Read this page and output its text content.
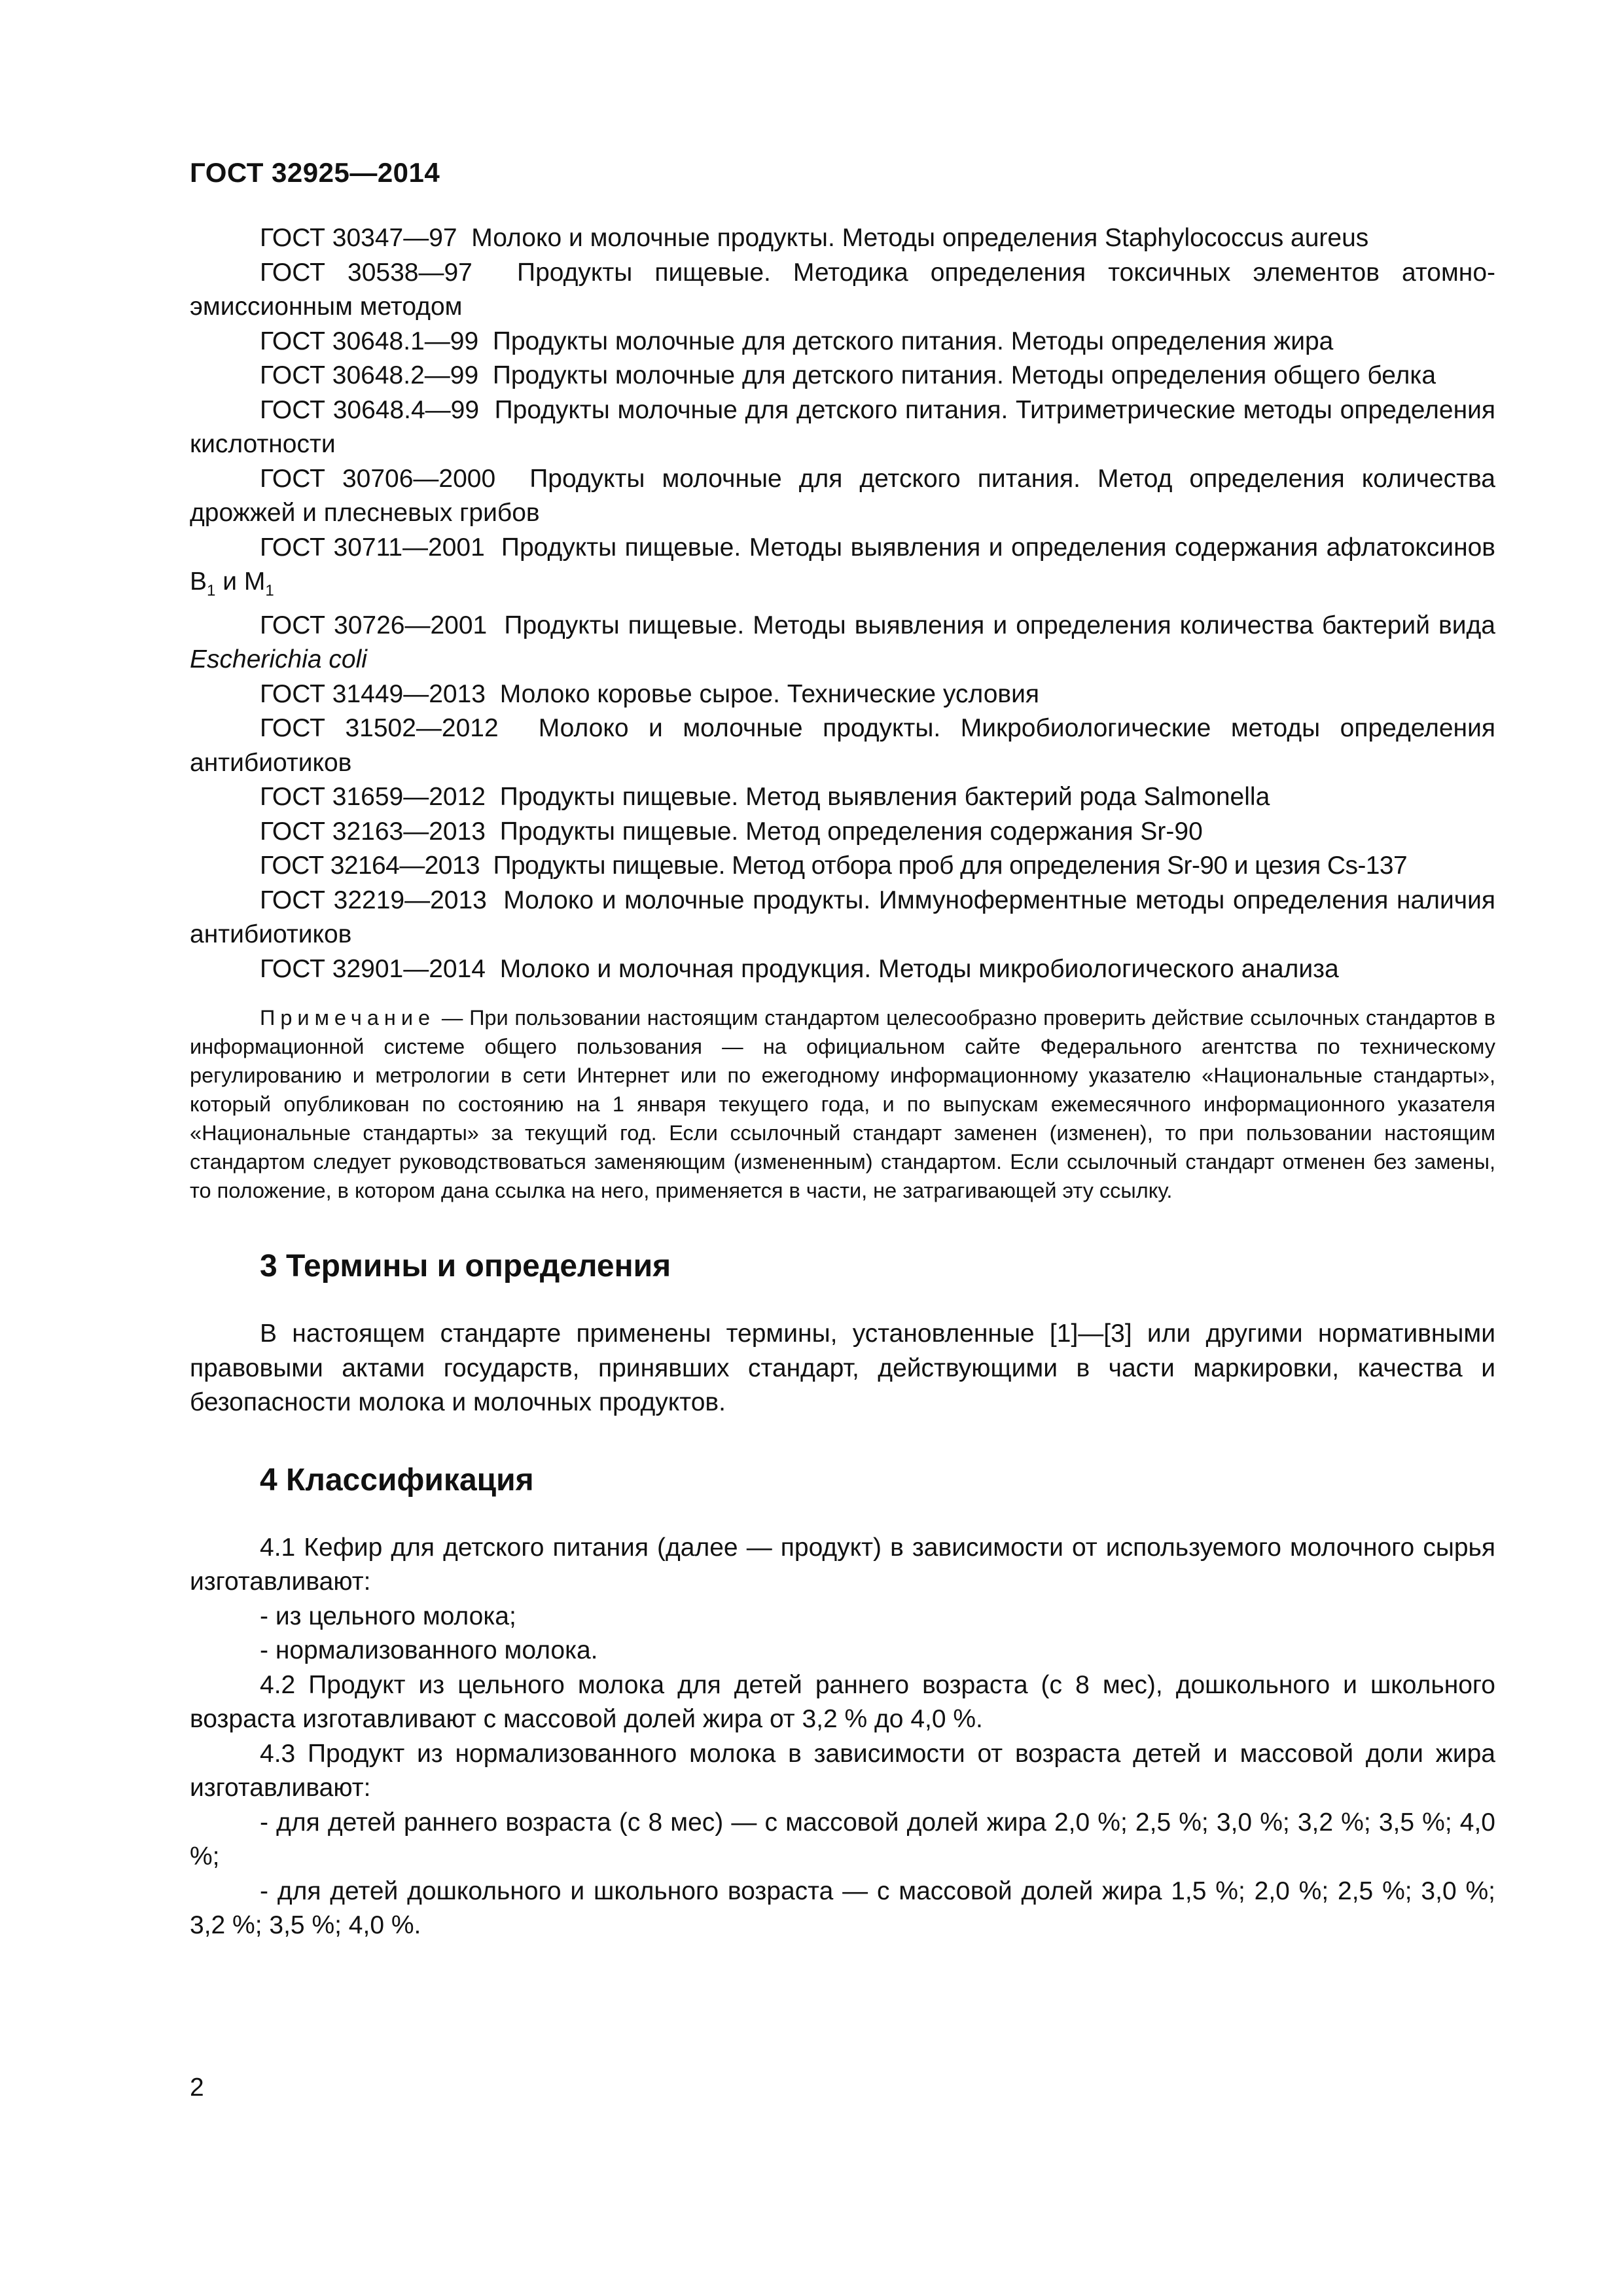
ГОСТ 32925—2014

ГОСТ 30347—97 Молоко и молочные продукты. Методы определения Staphylococcus aureus

ГОСТ 30538—97 Продукты пищевые. Методика определения токсичных элементов атомно-эмиссионным методом

ГОСТ 30648.1—99 Продукты молочные для детского питания. Методы определения жира

ГОСТ 30648.2—99 Продукты молочные для детского питания. Методы определения общего белка

ГОСТ 30648.4—99 Продукты молочные для детского питания. Титриметрические методы определения кислотности

ГОСТ 30706—2000 Продукты молочные для детского питания. Метод определения количества дрожжей и плесневых грибов

ГОСТ 30711—2001 Продукты пищевые. Методы выявления и определения содержания афлатоксинов $B_1$ и $M_1$

ГОСТ 30726—2001 Продукты пищевые. Методы выявления и определения количества бактерий вида Escherichia coli

ГОСТ 31449—2013 Молоко коровье сырое. Технические условия

ГОСТ 31502—2012 Молоко и молочные продукты. Микробиологические методы определения антибиотиков

ГОСТ 31659—2012 Продукты пищевые. Метод выявления бактерий рода Salmonella

ГОСТ 32163—2013 Продукты пищевые. Метод определения содержания Sr-90

ГОСТ 32164—2013 Продукты пищевые. Метод отбора проб для определения Sr-90 и цезия Cs-137

ГОСТ 32219—2013 Молоко и молочные продукты. Иммуноферментные методы определения наличия антибиотиков

ГОСТ 32901—2014 Молоко и молочная продукция. Методы микробиологического анализа

Примечание — При пользовании настоящим стандартом целесообразно проверить действие ссылочных стандартов в информационной системе общего пользования — на официальном сайте Федерального агентства по техническому регулированию и метрологии в сети Интернет или по ежегодному информационному указателю «Национальные стандарты», который опубликован по состоянию на 1 января текущего года, и по выпускам ежемесячного информационного указателя «Национальные стандарты» за текущий год. Если ссылочный стандарт заменен (изменен), то при пользовании настоящим стандартом следует руководствоваться заменяющим (измененным) стандартом. Если ссылочный стандарт отменен без замены, то положение, в котором дана ссылка на него, применяется в части, не затрагивающей эту ссылку.

3 Термины и определения

В настоящем стандарте применены термины, установленные [1]—[3] или другими нормативными правовыми актами государств, принявших стандарт, действующими в части маркировки, качества и безопасности молока и молочных продуктов.

4 Классификация

4.1 Кефир для детского питания (далее — продукт) в зависимости от используемого молочного сырья изготавливают:

- из цельного молока;

- нормализованного молока.

4.2 Продукт из цельного молока для детей раннего возраста (с 8 мес), дошкольного и школьного возраста изготавливают с массовой долей жира от 3,2 % до 4,0 %.

4.3 Продукт из нормализованного молока в зависимости от возраста детей и массовой доли жира изготавливают:

- для детей раннего возраста (с 8 мес) — с массовой долей жира 2,0 %; 2,5 %; 3,0 %; 3,2 %; 3,5 %; 4,0 %;

- для детей дошкольного и школьного возраста — с массовой долей жира 1,5 %; 2,0 %; 2,5 %; 3,0 %; 3,2 %; 3,5 %; 4,0 %.

2
